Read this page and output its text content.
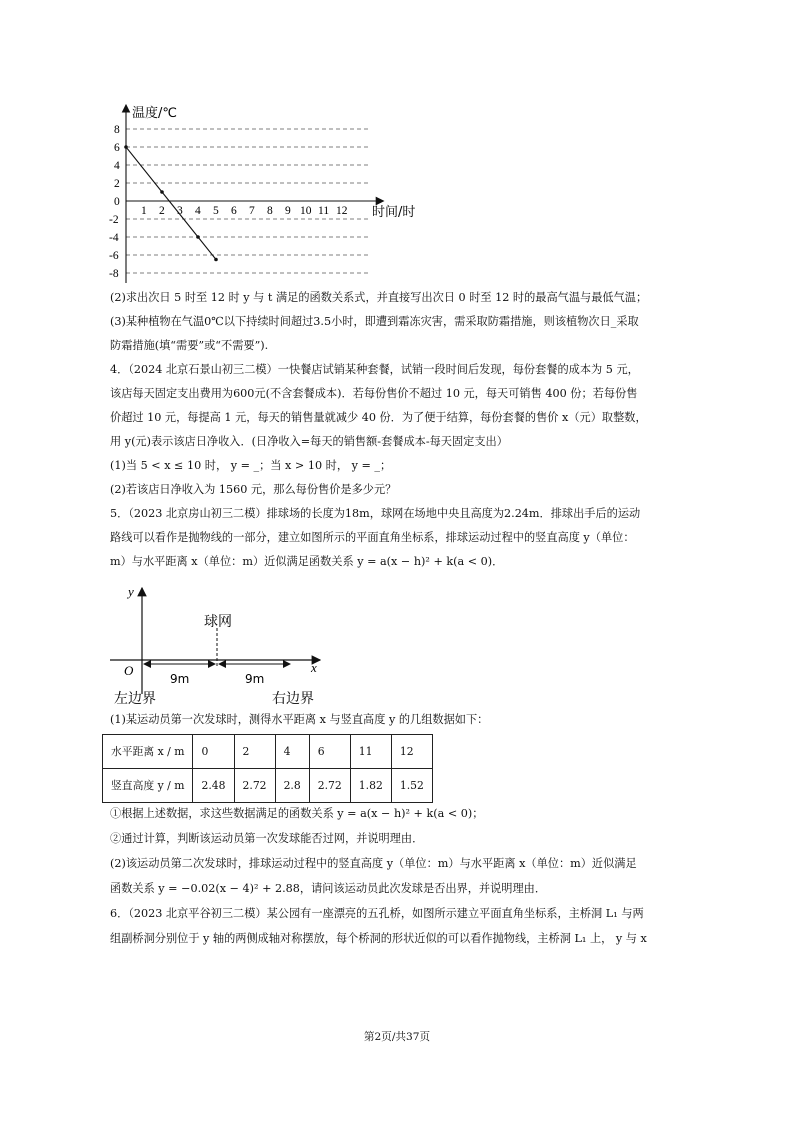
温度/℃
时间/时
0
1 2 3 4 5 6 7 8 9 10 11 12
8
6
4
2
-2
-4
-6
-8
(2)求出次日 5 时至 12 时 y 与 t 满足的函数关系式，并直接写出次日 0 时至 12 时的最高气温与最低气温；
(3)某种植物在气温0℃以下持续时间超过3.5小时，即遭到霜冻灾害，需采取防霜措施，则该植物次日_采取
防霜措施(填“需要”或“不需要”).
4．（2024 北京石景山初三二模）一快餐店试销某种套餐，试销一段时间后发现，每份套餐的成本为 5 元，
该店每天固定支出费用为600元(不含套餐成本)．若每份售价不超过 10 元，每天可销售 400 份；若每份售
价超过 10 元，每提高 1 元，每天的销售量就减少 40 份．为了便于结算，每份套餐的售价 x（元）取整数，
用 y(元)表示该店日净收入．(日净收入=每天的销售额-套餐成本-每天固定支出）
(1)当 5 < x ≤ 10 时， y = _；当 x > 10 时， y = _；
(2)若该店日净收入为 1560 元，那么每份售价是多少元？
5．（2023 北京房山初三二模）排球场的长度为18m，球网在场地中央且高度为2.24m．排球出手后的运动
路线可以看作是抛物线的一部分，建立如图所示的平面直角坐标系，排球运动过程中的竖直高度 y（单位：
m）与水平距离 x（单位：m）近似满足函数关系 y = a(x − h)² + k(a < 0)．
y
x
O
球网
9m	9m
左边界	右边界
(1)某运动员第一次发球时，测得水平距离 x 与竖直高度 y 的几组数据如下：
水平距离 x / m	0	2	4	6	11	12
竖直高度 y / m	2.48	2.72	2.8	2.72	1.82	1.52
①根据上述数据，求这些数据满足的函数关系 y = a(x − h)² + k(a < 0)；
②通过计算，判断该运动员第一次发球能否过网，并说明理由．
(2)该运动员第二次发球时，排球运动过程中的竖直高度 y（单位：m）与水平距离 x（单位：m）近似满足
函数关系 y = −0.02(x − 4)² + 2.88，请问该运动员此次发球是否出界，并说明理由．
6．（2023 北京平谷初三二模）某公园有一座漂亮的五孔桥，如图所示建立平面直角坐标系，主桥洞 L₁ 与两
组副桥洞分别位于 y 轴的两侧成轴对称摆放，每个桥洞的形状近似的可以看作抛物线，主桥洞 L₁ 上， y 与 x
第2页/共37页
